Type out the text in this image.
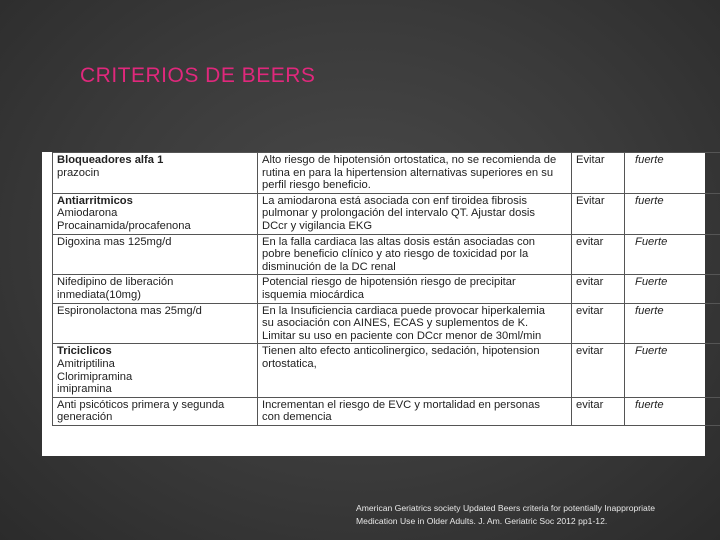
CRITERIOS DE BEERS
Bloqueadores alfa 1
prazocin	Alto riesgo de hipotensión ortostatica, no se recomienda de
rutina en para la hipertension alternativas superiores en su
perfil riesgo beneficio.	Evitar	fuerte

Antiarritmicos
Amiodarona
Procainamida/procafenona	La amiodarona está asociada con enf tiroidea fibrosis
pulmonar y prolongación del intervalo QT. Ajustar dosis
DCcr y vigilancia EKG	Evitar	fuerte

Digoxina mas 125mg/d	En la falla cardiaca las altas dosis están asociadas con
pobre beneficio clínico y ato riesgo de toxicidad por la
disminución de la DC renal	evitar	Fuerte

Nifedipino de liberación
inmediata(10mg)	Potencial riesgo de hipotensión riesgo de precipitar
isquemia miocárdica	evitar	Fuerte

Espironolactona mas 25mg/d	En la Insuficiencia cardiaca puede provocar hiperkalemia
su asociación con AINES, ECAS y suplementos de K.
Limitar su uso en paciente con DCcr menor de 30ml/min	evitar	fuerte

Triciclicos
Amitriptilina
Clorimipramina
imipramina	Tienen alto efecto anticolinergico, sedación, hipotension
ortostatica,	evitar	Fuerte

Anti psicóticos primera y segunda
generación	Incrementan el riesgo de EVC y mortalidad en personas
con demencia	evitar	fuerte
American Geriatrics society Updated Beers criteria for potentially Inappropriate
Medication Use in Older Adults. J. Am. Geriatric Soc 2012 pp1-12.
